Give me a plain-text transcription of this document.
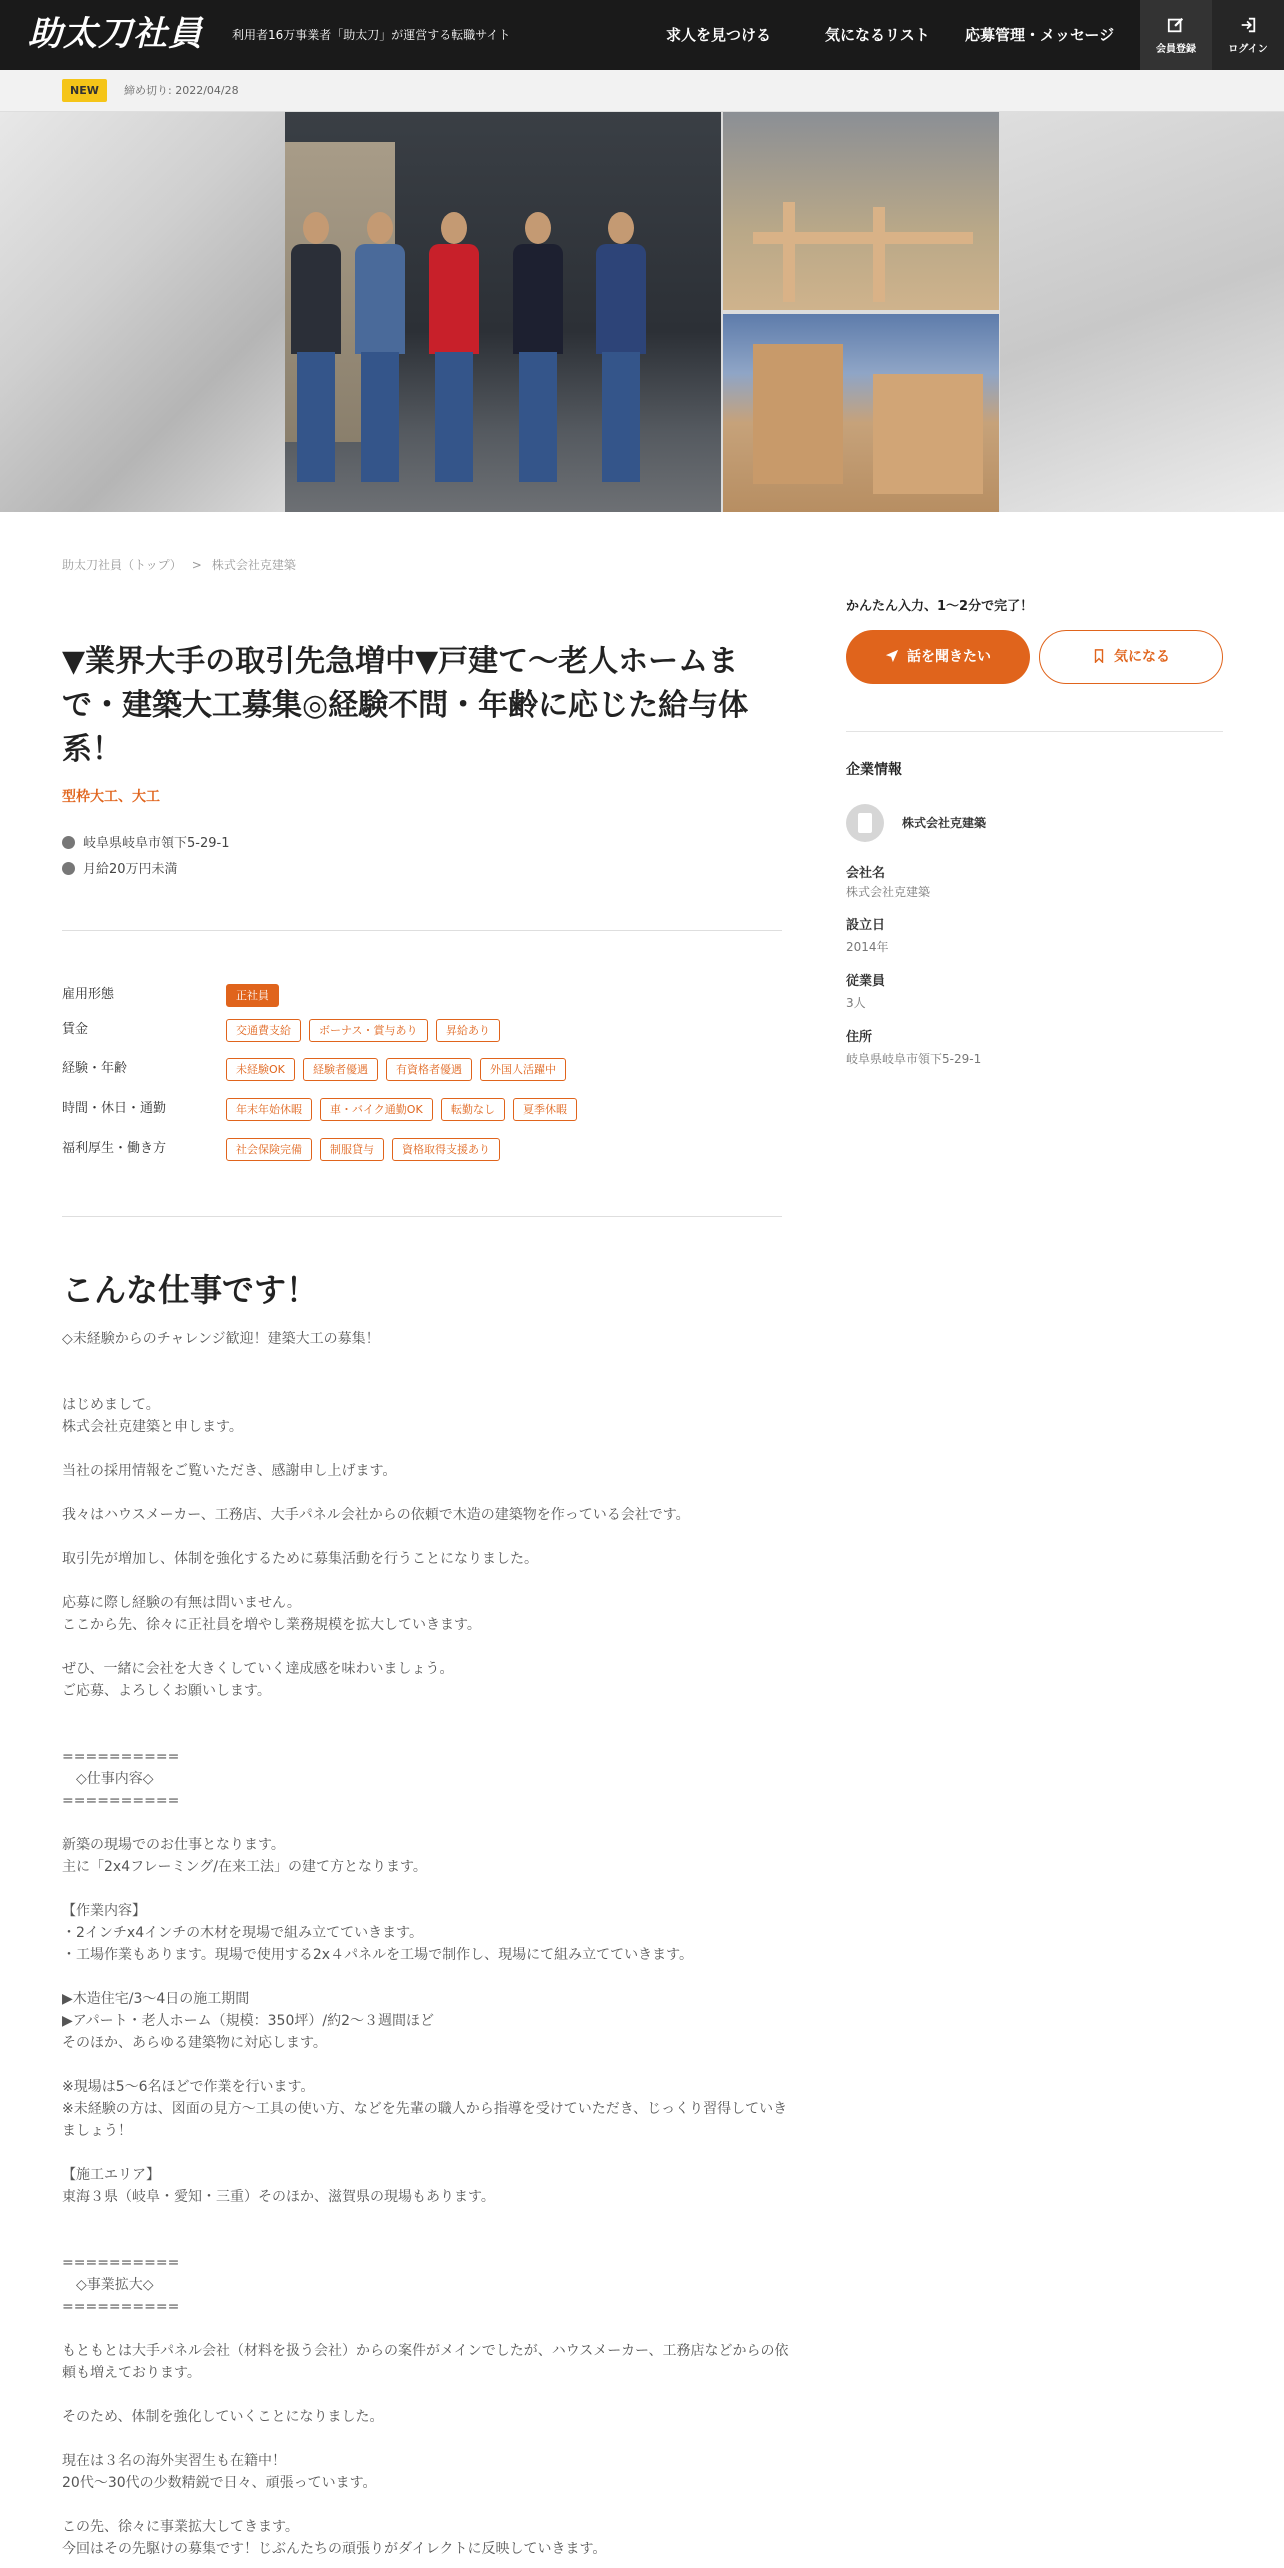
助太刀社員 利用者16万事業者「助太刀」が運営する転職サイト	求人を見つける	気になるリスト 応募管理・メッセージ
会員登録	ログイン
NEW	締め切り: 2022/04/28
助太刀社員（トップ） > 株式会社克建築
▼業界大手の取引先急増中▼戸建て〜老人ホームまで・建築大工募集◎経験不問・年齢に応じた給与体系！
型枠大工、大工
岐阜県岐阜市領下5-29-1
月給20万円未満
雇用形態	正社員
賃金	交通費支給	ボーナス・賞与あり	昇給あり
経験・年齢	未経験OK	経験者優遇	有資格者優遇	外国人活躍中
時間・休日・通勤	年末年始休暇	車・バイク通勤OK	転勤なし	夏季休暇
福利厚生・働き方	社会保険完備	制服貸与	資格取得支援あり
こんな仕事です！
◇未経験からのチャレンジ歓迎！建築大工の募集！
はじめまして。
株式会社克建築と申します。

当社の採用情報をご覧いただき、感謝申し上げます。

我々はハウスメーカー、工務店、大手パネル会社からの依頼で木造の建築物を作っている会社です。

取引先が増加し、体制を強化するために募集活動を行うことになりました。

応募に際し経験の有無は問いません。
ここから先、徐々に正社員を増やし業務規模を拡大していきます。

ぜひ、一緒に会社を大きくしていく達成感を味わいましょう。
ご応募、よろしくお願いします。

==========
　◇仕事内容◇
==========

新築の現場でのお仕事となります。
主に「2x4フレーミング/在来工法」の建て方となります。

【作業内容】
・2インチx4インチの木材を現場で組み立てていきます。
・工場作業もあります。現場で使用する2x４パネルを工場で制作し、現場にて組み立てていきます。

▶木造住宅/3〜4日の施工期間
▶アパート・老人ホーム（規模：350坪）/約2〜３週間ほど
そのほか、あらゆる建築物に対応します。

※現場は5〜6名ほどで作業を行います。
※未経験の方は、図面の見方〜工具の使い方、などを先輩の職人から指導を受けていただき、じっくり習得していきましょう！

【施工エリア】
東海３県（岐阜・愛知・三重）そのほか、滋賀県の現場もあります。

==========
　◇事業拡大◇
==========

もともとは大手パネル会社（材料を扱う会社）からの案件がメインでしたが、ハウスメーカー、工務店などからの依頼も増えております。

そのため、体制を強化していくことになりました。

現在は３名の海外実習生も在籍中！
20代〜30代の少数精鋭で日々、頑張っています。

この先、徐々に事業拡大してきます。
今回はその先駆けの募集です！じぶんたちの頑張りがダイレクトに反映していきます。
かんたん入力、1〜2分で完了！
話を聞きたい	気になる
企業情報
株式会社克建築
会社名
株式会社克建築
設立日
2014年
従業員
3人
住所
岐阜県岐阜市領下5-29-1
